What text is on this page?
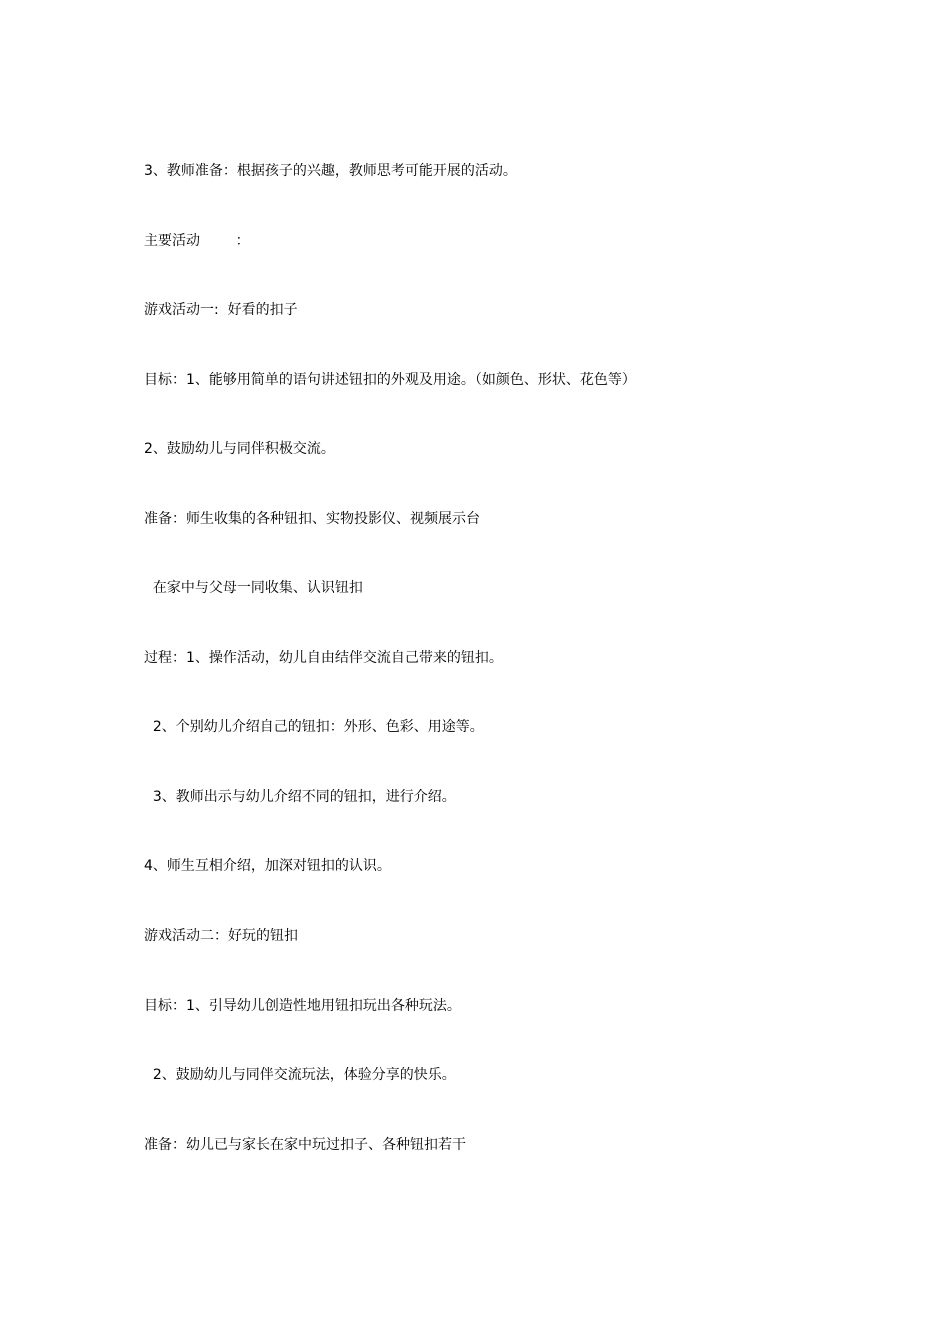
3、教师准备：根据孩子的兴趣，教师思考可能开展的活动。
主要活动        ：
游戏活动一:  好看的扣子
目标：1、能够用简单的语句讲述钮扣的外观及用途。（如颜色、形状、花色等）
2、鼓励幼儿与同伴积极交流。
准备：师生收集的各种钮扣、实物投影仪、视频展示台
在家中与父母一同收集、认识钮扣
过程：1、操作活动，幼儿自由结伴交流自己带来的钮扣。
2、个别幼儿介绍自己的钮扣：外形、色彩、用途等。
3、教师出示与幼儿介绍不同的钮扣，进行介绍。
4、师生互相介绍，加深对钮扣的认识。
游戏活动二：好玩的钮扣
目标：1、引导幼儿创造性地用钮扣玩出各种玩法。
2、鼓励幼儿与同伴交流玩法，体验分享的快乐。
准备：幼儿已与家长在家中玩过扣子、各种钮扣若干
